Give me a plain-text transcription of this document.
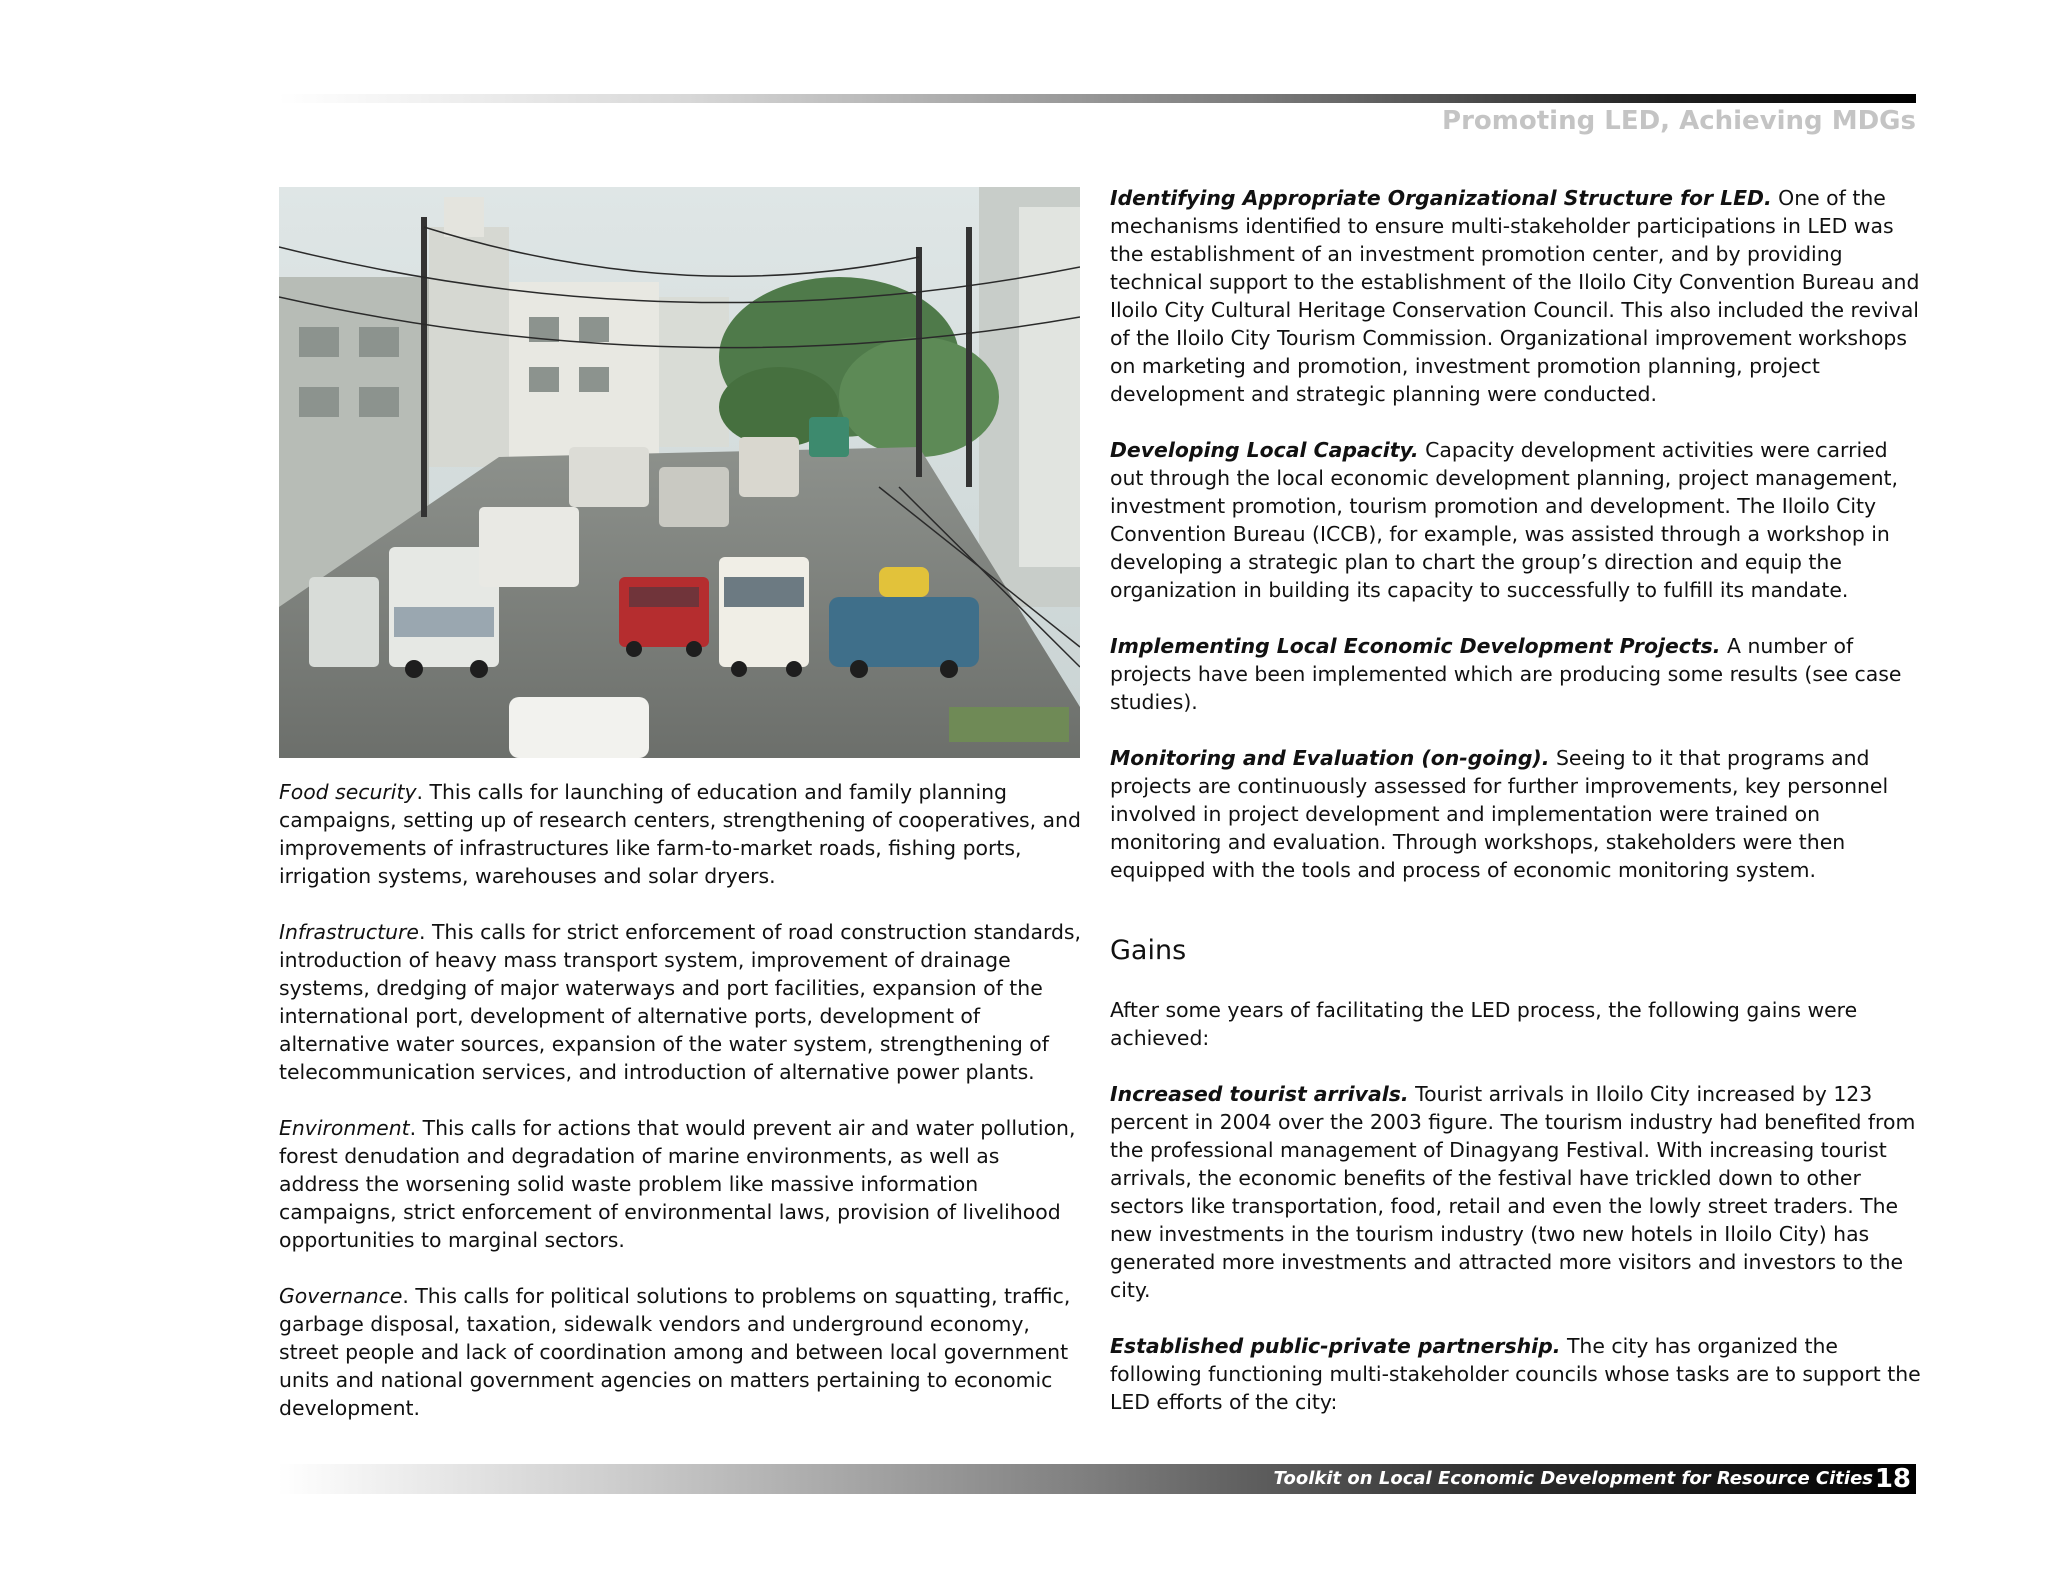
Promoting LED, Achieving MDGs

Food security. This calls for launching of education and family planning campaigns, setting up of research centers, strengthening of cooperatives, and improvements of infrastructures like farm-to-market roads, fishing ports, irrigation systems, warehouses and solar dryers.

Infrastructure. This calls for strict enforcement of road construction standards, introduction of heavy mass transport system, improvement of drainage systems, dredging of major waterways and port facilities, expansion of the international port, development of alternative ports, development of alternative water sources, expansion of the water system, strengthening of telecommunication services, and introduction of alternative power plants.

Environment. This calls for actions that would prevent air and water pollution, forest denudation and degradation of marine environments, as well as address the worsening solid waste problem like massive information campaigns, strict enforcement of environmental laws, provision of livelihood opportunities to marginal sectors.

Governance. This calls for political solutions to problems on squatting, traffic, garbage disposal, taxation, sidewalk vendors and underground economy, street people and lack of coordination among and between local government units and national government agencies on matters pertaining to economic development.

Identifying Appropriate Organizational Structure for LED. One of the mechanisms identified to ensure multi-stakeholder participations in LED was the establishment of an investment promotion center, and by providing technical support to the establishment of the Iloilo City Convention Bureau and Iloilo City Cultural Heritage Conservation Council. This also included the revival of the Iloilo City Tourism Commission. Organizational improvement workshops on marketing and promotion, investment promotion planning, project development and strategic planning were conducted.

Developing Local Capacity. Capacity development activities were carried out through the local economic development planning, project management, investment promotion, tourism promotion and development. The Iloilo City Convention Bureau (ICCB), for example, was assisted through a workshop in developing a strategic plan to chart the group’s direction and equip the organization in building its capacity to successfully to fulfill its mandate.

Implementing Local Economic Development Projects. A number of projects have been implemented which are producing some results (see case studies).

Monitoring and Evaluation (on-going). Seeing to it that programs and projects are continuously assessed for further improvements, key personnel involved in project development and implementation were trained on monitoring and evaluation. Through workshops, stakeholders were then equipped with the tools and process of economic monitoring system.

Gains

After some years of facilitating the LED process, the following gains were achieved:

Increased tourist arrivals. Tourist arrivals in Iloilo City increased by 123 percent in 2004 over the 2003 figure. The tourism industry had benefited from the professional management of Dinagyang Festival. With increasing tourist arrivals, the economic benefits of the festival have trickled down to other sectors like transportation, food, retail and even the lowly street traders. The new investments in the tourism industry (two new hotels in Iloilo City) has generated more investments and attracted more visitors and investors to the city.

Established public-private partnership. The city has organized the following functioning multi-stakeholder councils whose tasks are to support the LED efforts of the city:

Toolkit on Local Economic Development for Resource Cities 18
